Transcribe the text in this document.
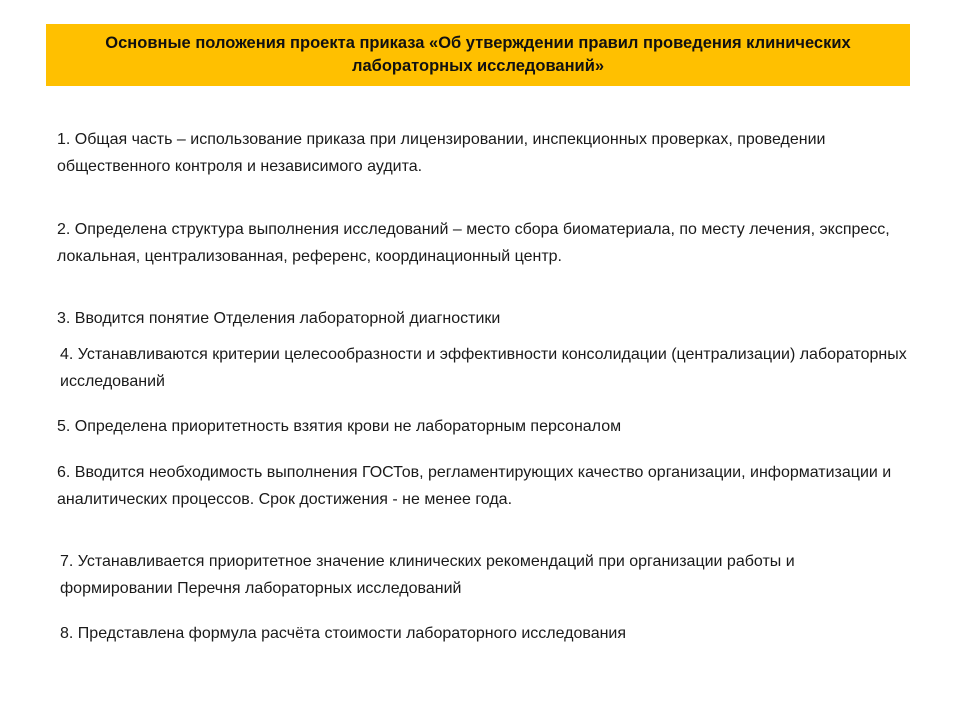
Основные положения проекта приказа «Об утверждении правил проведения клинических лабораторных исследований»
1. Общая часть – использование приказа при лицензировании, инспекционных проверках, проведении общественного контроля и независимого аудита.
2. Определена структура выполнения исследований – место сбора биоматериала, по месту лечения, экспресс, локальная, централизованная, референс, координационный центр.
3. Вводится понятие Отделения лабораторной диагностики
4. Устанавливаются критерии целесообразности и эффективности консолидации (централизации) лабораторных исследований
5. Определена приоритетность взятия крови не лабораторным персоналом
6. Вводится необходимость выполнения ГОСТов, регламентирующих качество организации, информатизации и аналитических процессов. Срок достижения - не менее года.
7. Устанавливается приоритетное значение клинических рекомендаций при организации работы и формировании Перечня лабораторных исследований
8. Представлена формула расчёта стоимости лабораторного исследования
